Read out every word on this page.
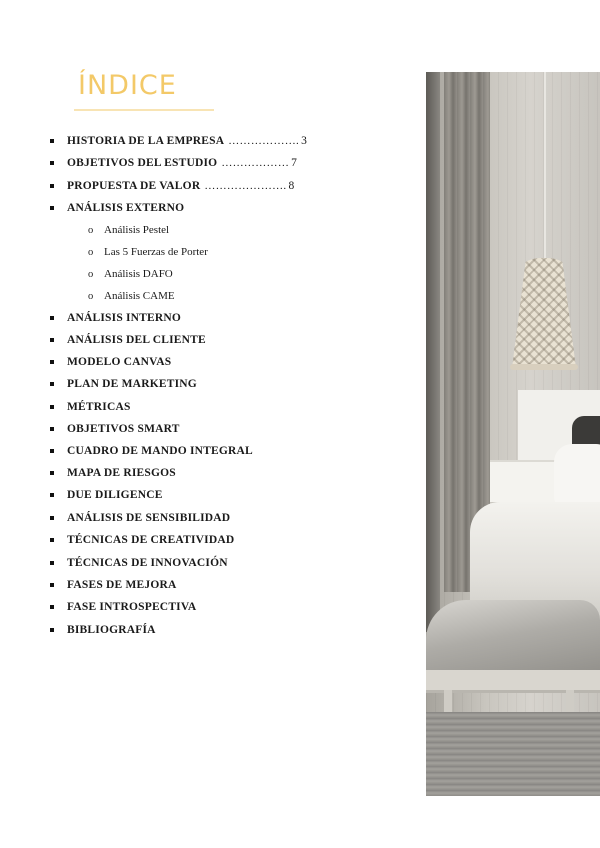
ÍNDICE
HISTORIA DE LA EMPRESA ………………. 3
OBJETIVOS DEL ESTUDIO ……………… 7
PROPUESTA DE VALOR …………………. 8
ANÁLISIS EXTERNO
o Análisis Pestel
o Las 5 Fuerzas de Porter
o Análisis DAFO
o Análisis CAME
ANÁLISIS INTERNO
ANÁLISIS DEL CLIENTE
MODELO CANVAS
PLAN DE MARKETING
MÉTRICAS
OBJETIVOS SMART
CUADRO DE MANDO INTEGRAL
MAPA DE RIESGOS
DUE DILIGENCE
ANÁLISIS DE SENSIBILIDAD
TÉCNICAS DE CREATIVIDAD
TÉCNICAS DE INNOVACIÓN
FASES DE MEJORA
FASE INTROSPECTIVA
BIBLIOGRAFÍA
